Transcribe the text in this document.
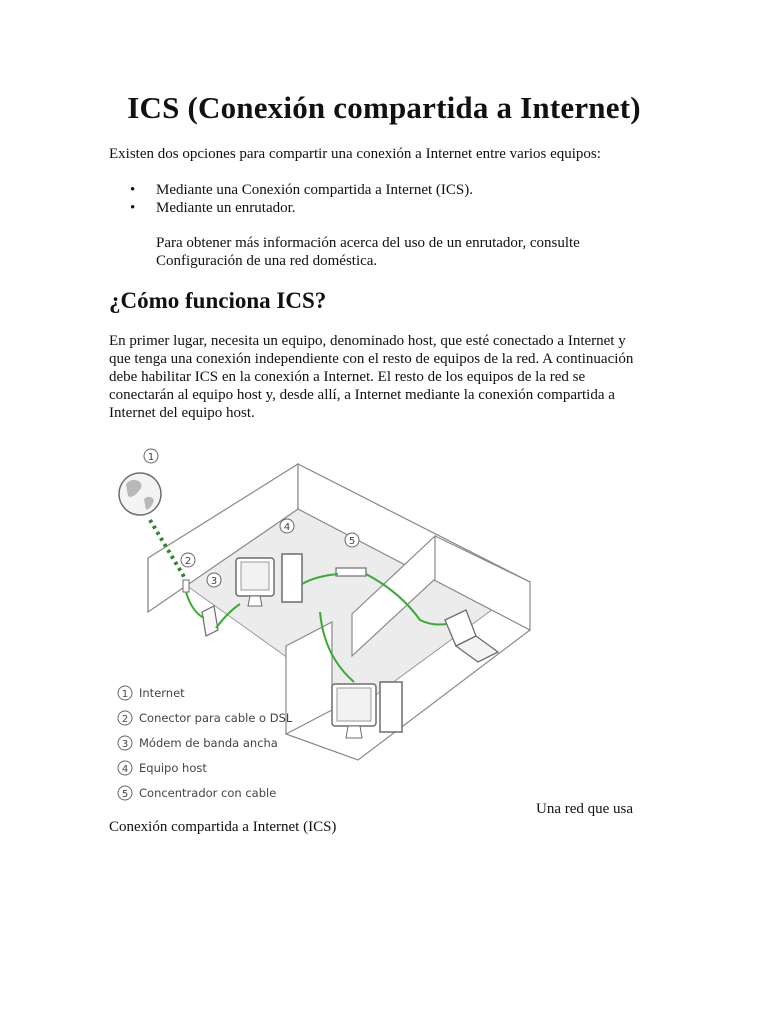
ICS (Conexión compartida a Internet)

Existen dos opciones para compartir una conexión a Internet entre varios equipos:

• Mediante una Conexión compartida a Internet (ICS).
• Mediante un enrutador.

Para obtener más información acerca del uso de un enrutador, consulte
Configuración de una red doméstica.

¿Cómo funciona ICS?

En primer lugar, necesita un equipo, denominado host, que esté conectado a Internet y
que tenga una conexión independiente con el resto de equipos de la red. A continuación
debe habilitar ICS en la conexión a Internet. El resto de los equipos de la red se
conectarán al equipo host y, desde allí, a Internet mediante la conexión compartida a
Internet del equipo host.

1
2
3
4
5
1 Internet
2 Conector para cable o DSL
3 Módem de banda ancha
4 Equipo host
5 Concentrador con cable

Una red que usa

Conexión compartida a Internet (ICS)
